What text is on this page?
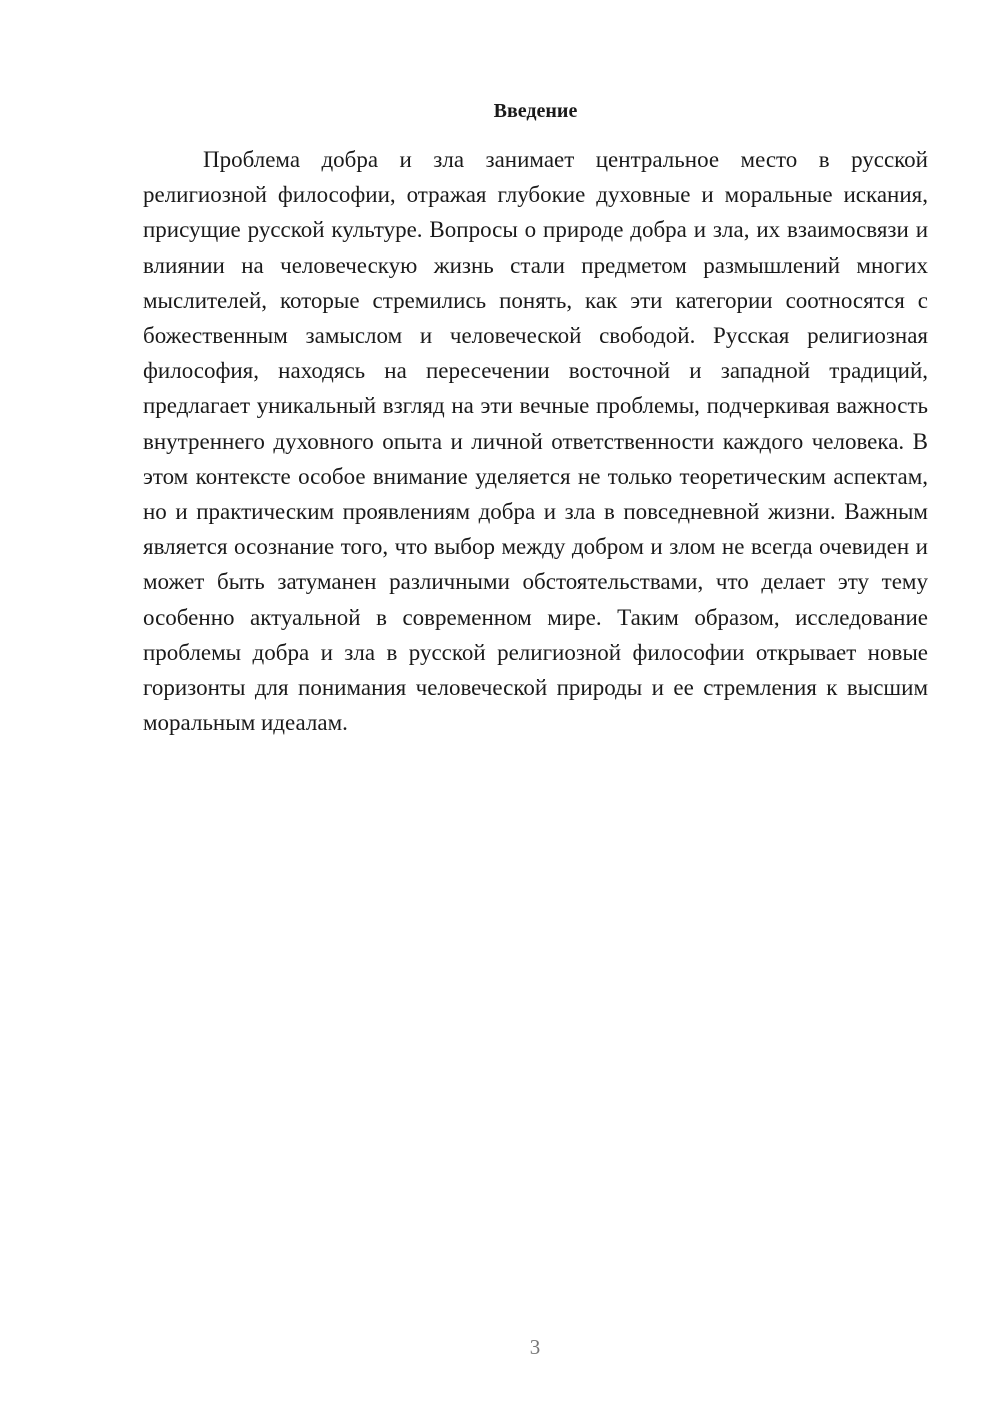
Введение

Проблема добра и зла занимает центральное место в русской религиозной философии, отражая глубокие духовные и моральные искания, присущие русской культуре. Вопросы о природе добра и зла, их взаимосвязи и влиянии на человеческую жизнь стали предметом размышлений многих мыслителей, которые стремились понять, как эти категории соотносятся с божественным замыслом и человеческой свободой. Русская религиозная философия, находясь на пересечении восточной и западной традиций, предлагает уникальный взгляд на эти вечные проблемы, подчеркивая важность внутреннего духовного опыта и личной ответственности каждого человека. В этом контексте особое внимание уделяется не только теоретическим аспектам, но и практическим проявлениям добра и зла в повседневной жизни. Важным является осознание того, что выбор между добром и злом не всегда очевиден и может быть затуманен различными обстоятельствами, что делает эту тему особенно актуальной в современном мире. Таким образом, исследование проблемы добра и зла в русской религиозной философии открывает новые горизонты для понимания человеческой природы и ее стремления к высшим моральным идеалам.

3
